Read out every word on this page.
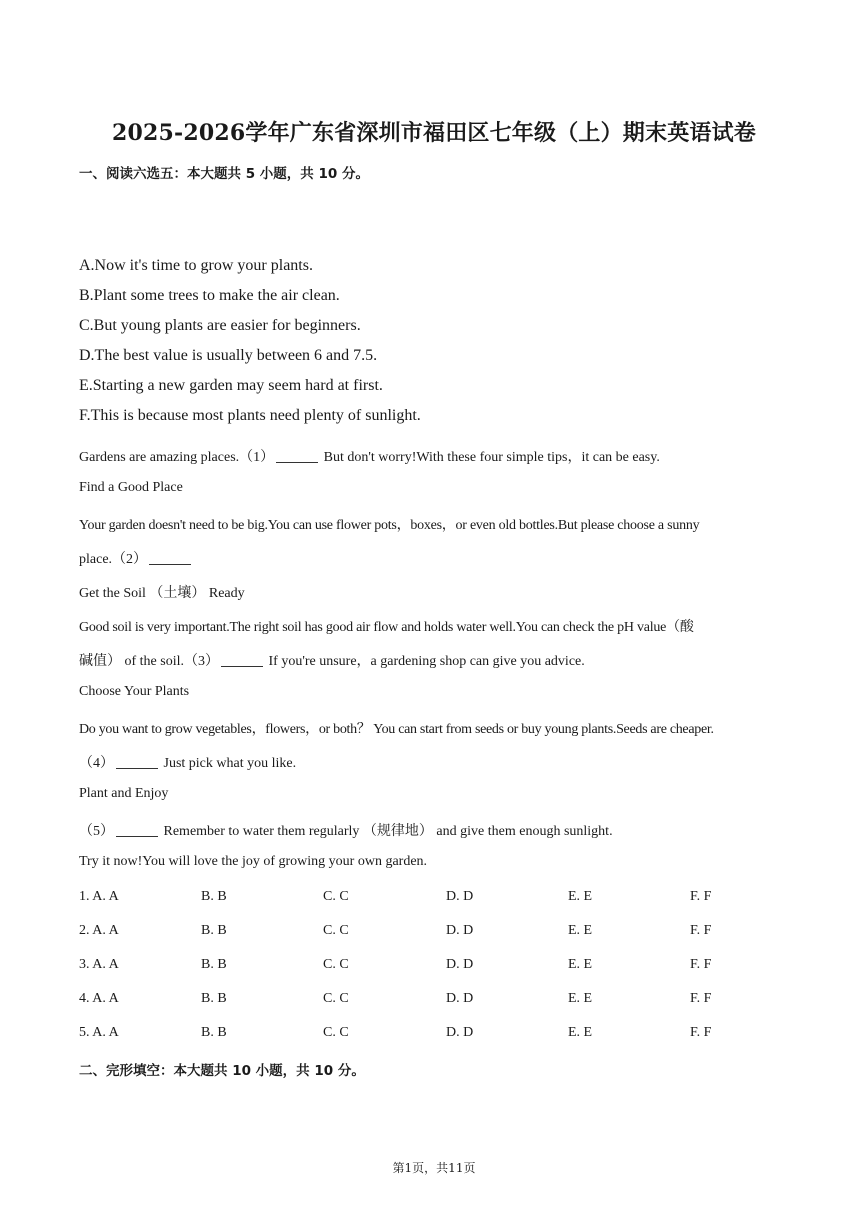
2025-2026学年广东省深圳市福田区七年级（上）期末英语试卷
一、阅读六选五：本大题共 5 小题，共 10 分。
A.Now it's time to grow your plants.
B.Plant some trees to make the air clean.
C.But young plants are easier for beginners.
D.The best value is usually between 6 and 7.5.
E.Starting a new garden may seem hard at first.
F.This is because most plants need plenty of sunlight.
Gardens are amazing places.（1）	But don't worry!With these four simple tips，it can be easy.
Find a Good Place
Your garden doesn't need to be big.You can use flower pots，boxes，or even old bottles.But please choose a sunny
place.（2）
Get the Soil （土壤） Ready
Good soil is very important.The right soil has good air flow and holds water well.You can check the pH value（酸
碱值） of the soil.（3）	If you're unsure，a gardening shop can give you advice.
Choose Your Plants
Do you want to grow vegetables，flowers，or both？ You can start from seeds or buy young plants.Seeds are cheaper.
（4）	Just pick what you like.
Plant and Enjoy
（5）	Remember to water them regularly （规律地） and give them enough sunlight.
Try it now!You will love the joy of growing your own garden.
1. A. A	B. B	C. C	D. D	E. E	F. F
2. A. A	B. B	C. C	D. D	E. E	F. F
3. A. A	B. B	C. C	D. D	E. E	F. F
4. A. A	B. B	C. C	D. D	E. E	F. F
5. A. A	B. B	C. C	D. D	E. E	F. F
二、完形填空：本大题共 10 小题，共 10 分。
第1页，共11页
